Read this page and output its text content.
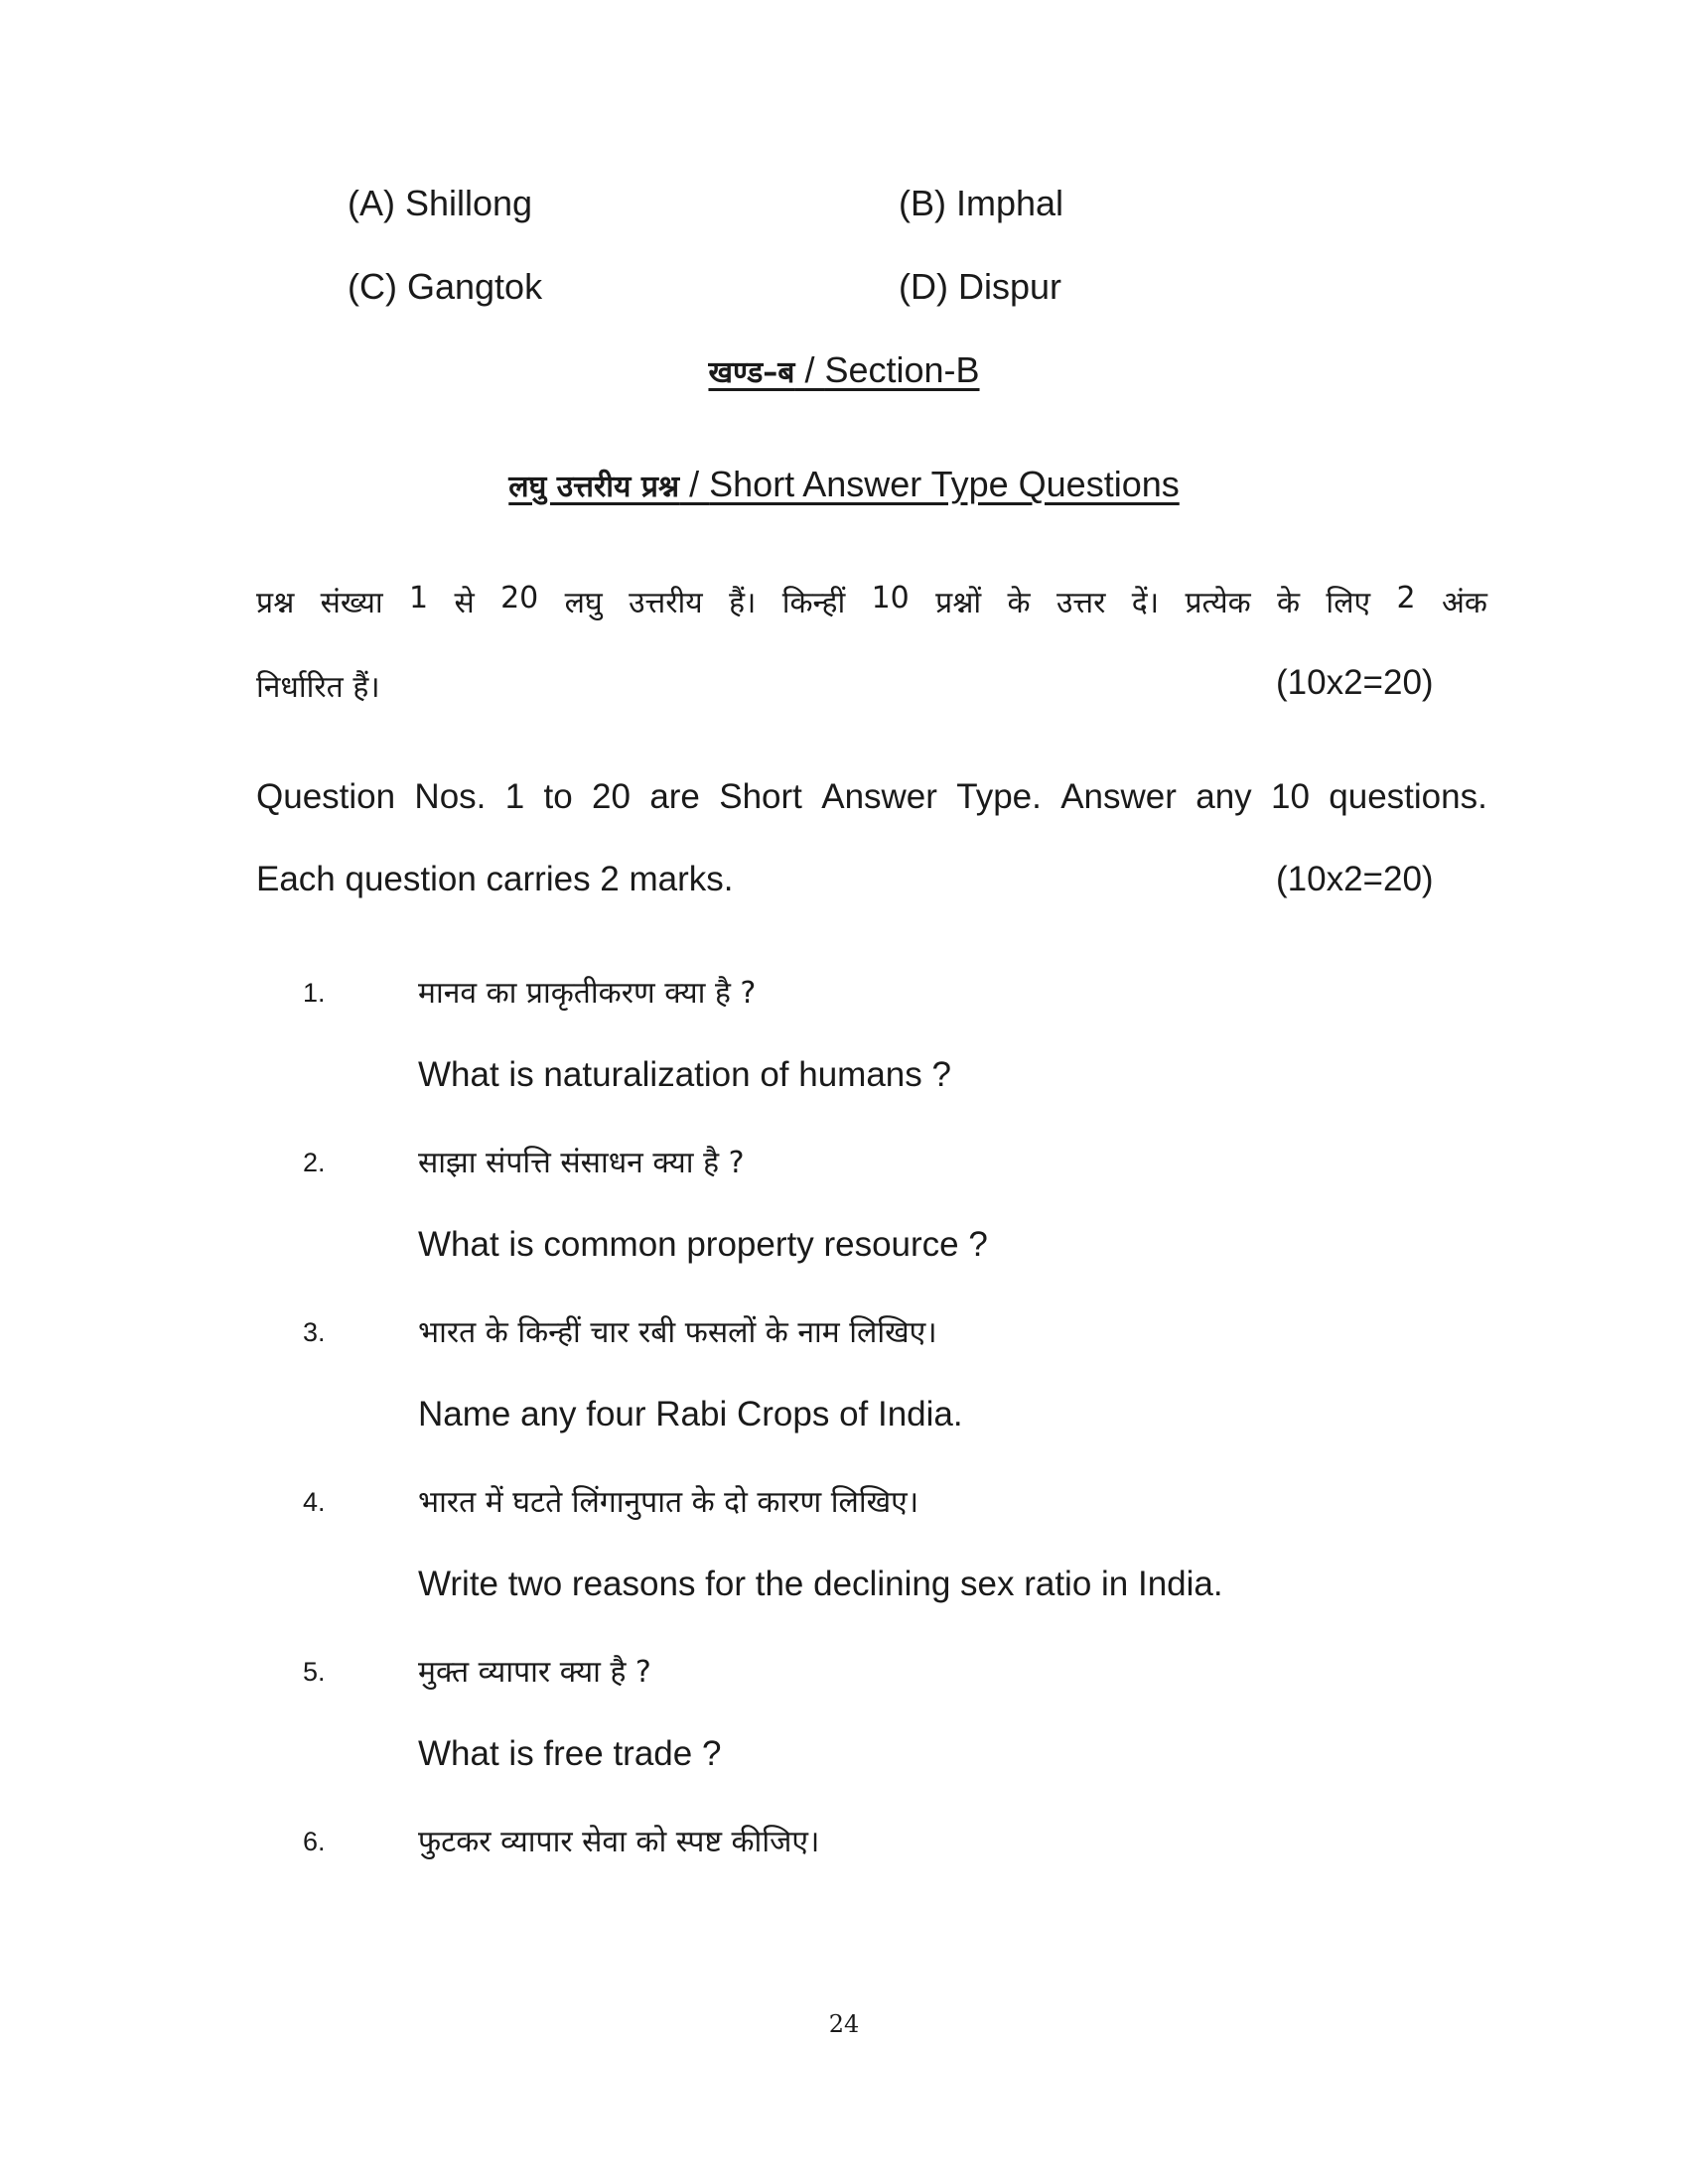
(A) Shillong	(B) Imphal
(C) Gangtok	(D) Dispur
खण्ड–ब / Section-B
लघु उत्तरीय प्रश्न / Short Answer Type Questions
प्रश्न संख्या 1 से 20 लघु उत्तरीय हैं। किन्हीं 10 प्रश्नों के उत्तर दें। प्रत्येक के लिए 2 अंक
निर्धारित हैं।	(10x2=20)
Question Nos. 1 to 20 are Short Answer Type. Answer any 10 questions.
Each question carries 2 marks.	(10x2=20)
1.	मानव का प्राकृतीकरण क्या है ?
What is naturalization of humans ?
2.	साझा संपत्ति संसाधन क्या है ?
What is common property resource ?
3.	भारत के किन्हीं चार रबी फसलों के नाम लिखिए।
Name any four Rabi Crops of India.
4.	भारत में घटते लिंगानुपात के दो कारण लिखिए।
Write two reasons for the declining sex ratio in India.
5.	मुक्त व्यापार क्या है ?
What is free trade ?
6.	फुटकर व्यापार सेवा को स्पष्ट कीजिए।
24
